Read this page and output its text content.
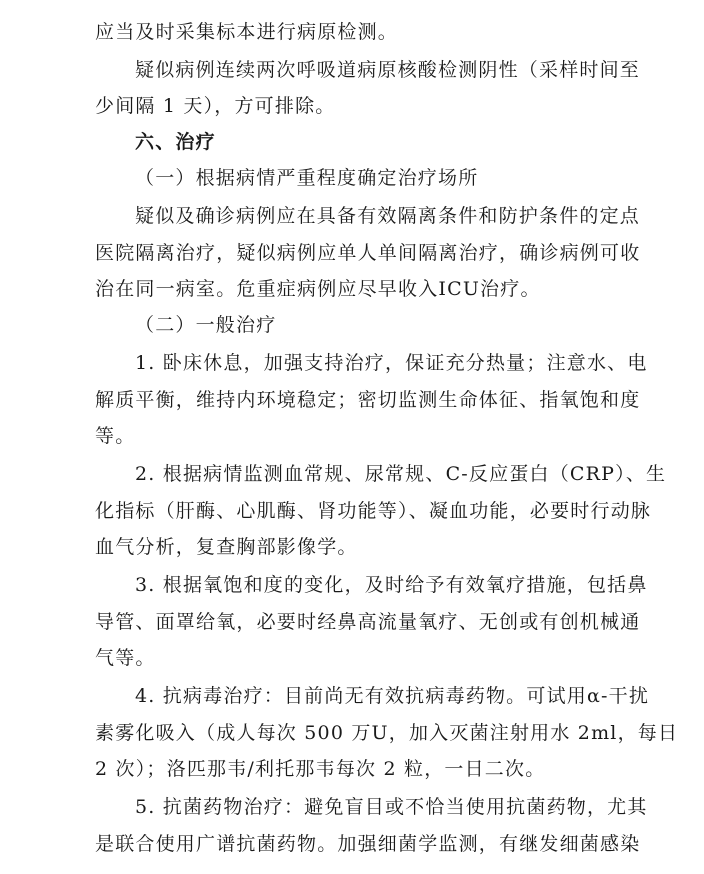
应当及时采集标本进行病原检测。
疑似病例连续两次呼吸道病原核酸检测阴性（采样时间至
少间隔 1 天），方可排除。
六、治疗
（一）根据病情严重程度确定治疗场所
疑似及确诊病例应在具备有效隔离条件和防护条件的定点
医院隔离治疗，疑似病例应单人单间隔离治疗，确诊病例可收
治在同一病室。危重症病例应尽早收入ICU治疗。
（二）一般治疗
1. 卧床休息，加强支持治疗，保证充分热量；注意水、电
解质平衡，维持内环境稳定；密切监测生命体征、指氧饱和度
等。
2. 根据病情监测血常规、尿常规、C-反应蛋白（CRP）、生
化指标（肝酶、心肌酶、肾功能等）、凝血功能，必要时行动脉
血气分析，复查胸部影像学。
3. 根据氧饱和度的变化，及时给予有效氧疗措施，包括鼻
导管、面罩给氧，必要时经鼻高流量氧疗、无创或有创机械通
气等。
4. 抗病毒治疗：目前尚无有效抗病毒药物。可试用α-干扰
素雾化吸入（成人每次 500 万U，加入灭菌注射用水 2ml，每日
2 次）；洛匹那韦/利托那韦每次 2 粒，一日二次。
5. 抗菌药物治疗：避免盲目或不恰当使用抗菌药物，尤其
是联合使用广谱抗菌药物。加强细菌学监测，有继发细菌感染
